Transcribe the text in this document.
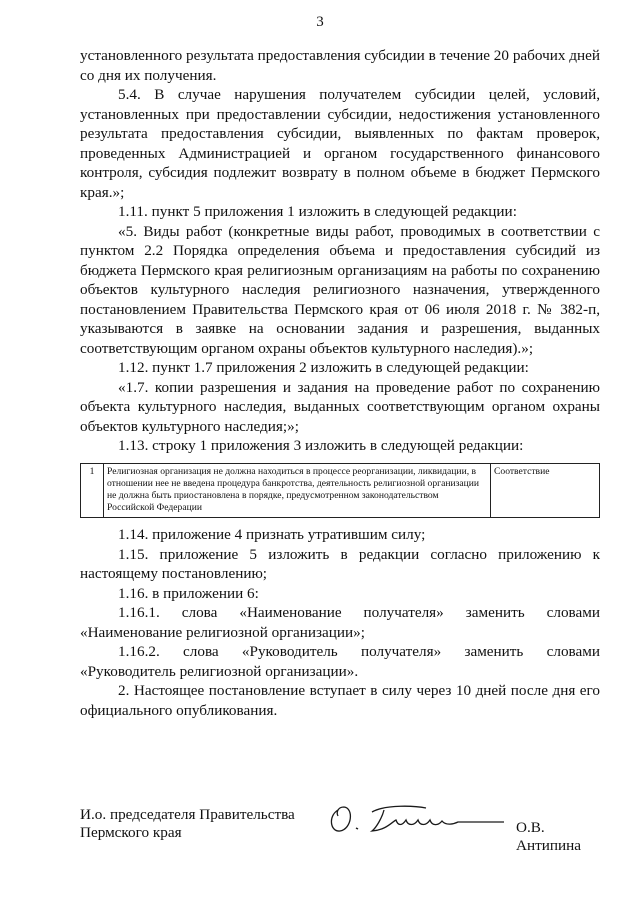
3

установленного результата предоставления субсидии в течение 20 рабочих дней со дня их получения.

5.4. В случае нарушения получателем субсидии целей, условий, установленных при предоставлении субсидии, недостижения установленного результата предоставления субсидии, выявленных по фактам проверок, проведенных Администрацией и органом государственного финансового контроля, субсидия подлежит возврату в полном объеме в бюджет Пермского края.»;

1.11. пункт 5 приложения 1 изложить в следующей редакции:

«5. Виды работ (конкретные виды работ, проводимых в соответствии с пунктом 2.2 Порядка определения объема и предоставления субсидий из бюджета Пермского края религиозным организациям на работы по сохранению объектов культурного наследия религиозного назначения, утвержденного постановлением Правительства Пермского края от 06 июля 2018 г. № 382-п, указываются в заявке на основании задания и разрешения, выданных соответствующим органом охраны объектов культурного наследия).»;

1.12. пункт 1.7 приложения 2 изложить в следующей редакции:

«1.7. копии разрешения и задания на проведение работ по сохранению объекта культурного наследия, выданных соответствующим органом охраны объектов культурного наследия;»;

1.13. строку 1 приложения 3 изложить в следующей редакции:

1	Религиозная организация не должна находиться в процессе реорганизации, ликвидации, в отношении нее не введена процедура банкротства, деятельность религиозной организации не должна быть приостановлена в порядке, предусмотренном законодательством Российской Федерации	Соответствие

1.14. приложение 4 признать утратившим силу;

1.15. приложение 5 изложить в редакции согласно приложению к настоящему постановлению;

1.16. в приложении 6:

1.16.1. слова «Наименование получателя» заменить словами «Наименование религиозной организации»;

1.16.2. слова «Руководитель получателя» заменить словами «Руководитель религиозной организации».

2. Настоящее постановление вступает в силу через 10 дней после дня его официального опубликования.

И.о. председателя Правительства
Пермского края	О.В. Антипина
